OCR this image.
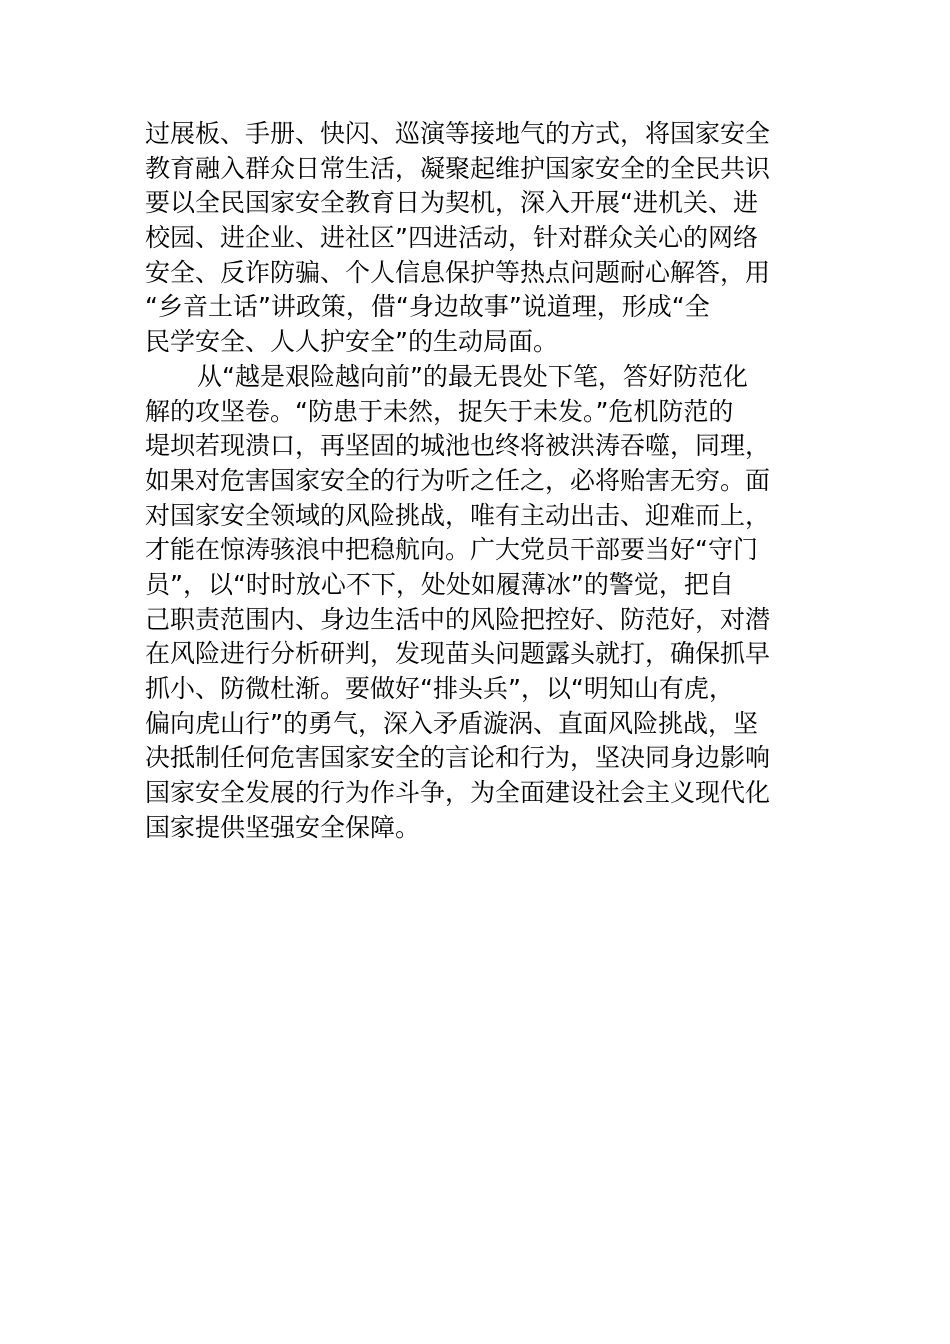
过展板、手册、快闪、巡演等接地气的方式，将国家安全
教育融入群众日常生活，凝聚起维护国家安全的全民共识
要以全民国家安全教育日为契机，深入开展“进机关、进
校园、进企业、进社区”四进活动，针对群众关心的网络
安全、反诈防骗、个人信息保护等热点问题耐心解答，用
“乡音土话”讲政策，借“身边故事”说道理，形成“全
民学安全、人人护安全”的生动局面。
从“越是艰险越向前”的最无畏处下笔，答好防范化
解的攻坚卷。“防患于未然，捉矢于未发。”危机防范的
堤坝若现溃口，再坚固的城池也终将被洪涛吞噬，同理，
如果对危害国家安全的行为听之任之，必将贻害无穷。面
对国家安全领域的风险挑战，唯有主动出击、迎难而上，
才能在惊涛骇浪中把稳航向。广大党员干部要当好“守门
员”，以“时时放心不下，处处如履薄冰”的警觉，把自
己职责范围内、身边生活中的风险把控好、防范好，对潜
在风险进行分析研判，发现苗头问题露头就打，确保抓早
抓小、防微杜渐。要做好“排头兵”，以“明知山有虎，
偏向虎山行”的勇气，深入矛盾漩涡、直面风险挑战，坚
决抵制任何危害国家安全的言论和行为，坚决同身边影响
国家安全发展的行为作斗争，为全面建设社会主义现代化
国家提供坚强安全保障。
